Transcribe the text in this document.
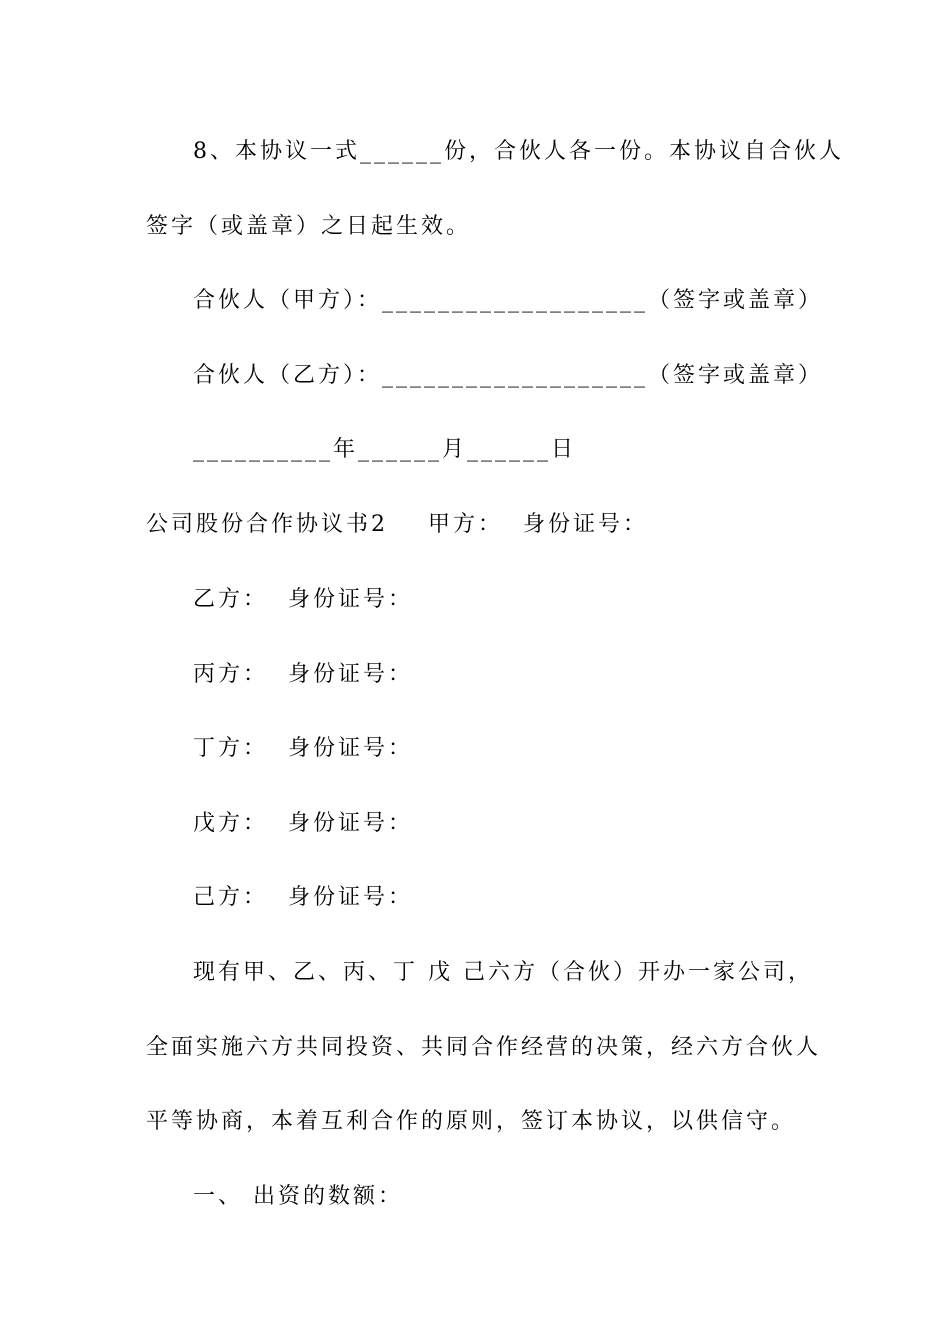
8、本协议一式______份，合伙人各一份。本协议自合伙人
签字（或盖章）之日起生效。
合伙人（甲方）：___________________（签字或盖章）
合伙人（乙方）：___________________（签字或盖章）
__________年______月______日
公司股份合作协议书2    甲方：  身份证号：
乙方：  身份证号：
丙方：  身份证号：
丁方：  身份证号：
戊方：  身份证号：
己方：  身份证号：
现有甲、乙、丙、丁 戊 己六方（合伙）开办一家公司，
全面实施六方共同投资、共同合作经营的决策，经六方合伙人
平等协商，本着互利合作的原则，签订本协议，以供信守。
一、 出资的数额：
